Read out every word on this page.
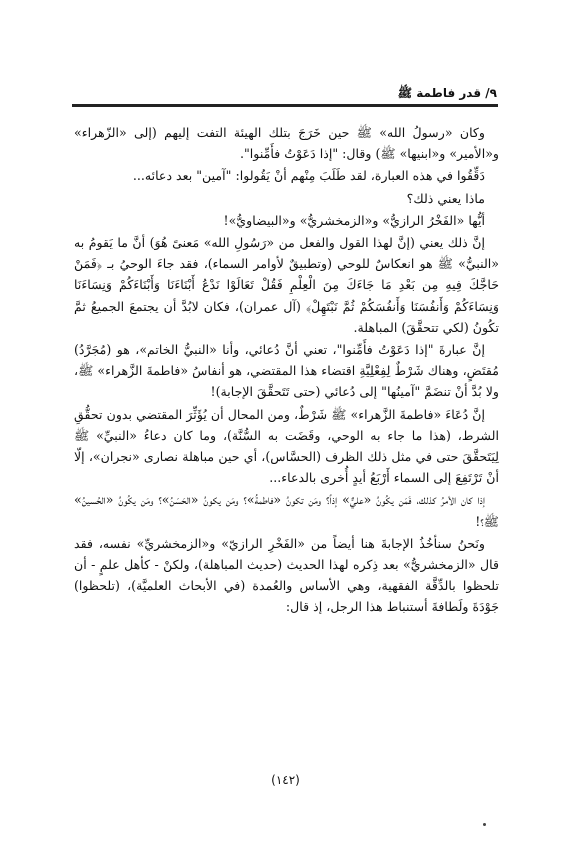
٩/ قدر فاطمة ﷺ

وكان «رسولُ الله» ﷺ حين خَرَجَ بتلك الهيئة التفت إليهم (إلى «الزّهراء» و«الأمير» و«ابنيها» ﷺ) وقال: "إذا دَعَوْتُ فأَمِّنوا".

دَقِّقُوا في هذه العبارة، لقد طَلَبَ مِنْهم أنْ يَقُولوا: "آمين" بعد دعائه...

ماذا يعني ذلك؟

أيُّها «الفَخْرُ الرازيُّ» و«الزمخشريُّ» و«البيضاويُّ»!

إنَّ ذلك يعني (إنَّ لهذا القول والفعل من «رَسُولِ الله» مَعنىً هُوَ) أنَّ ما يَقومُ به «النبيُّ» ﷺ هو انعكاسٌ للوحي (وتطبيقٌ لأوامر السماء)، فقد جاءَ الوحيُ بـ ﴿فَمَنْ حَاجَّكَ فِيهِ مِن بَعْدِ مَا جَاءَكَ مِنَ الْعِلْمِ فَقُلْ تَعَالَوْا نَدْعُ أَبْنَاءَنَا وَأَبْنَاءَكُمْ وَنِسَاءَنَا وَنِسَاءَكُمْ وَأَنفُسَنَا وَأَنفُسَكُمْ ثُمَّ نَبْتَهِلْ﴾ (آل عمران)، فكان لابُدَّ أن يجتمعَ الجميعُ ثمَّ تكُونُ (لكي تتحقَّقَ) المباهلة.

إنَّ عبارةَ "إذا دَعَوْتُ فأَمِّنوا"، تعني أنَّ دُعائي، وأنا «النبيُّ الخاتم»، هو (مُجَرَّدُ) مُقتَضٍ، وهناك شَرْطٌ لِفِعْلِيَّةِ اقتضاء هذا المقتضي، هو أنفاسُ «فاطمةَ الزَّهراء» ﷺ، ولا بُدَّ أنْ تنضَمَّ "آمينُها" إلى دُعائي (حتى تَتَحقَّقَ الإجابة)!

إنَّ دُعَاءَ «فاطمةَ الزَّهراء» ﷺ شَرْطٌ، ومن المحال أن يُؤَثِّرَ المقتضي بدون تحقُّقِ الشرط، (هذا ما جاء به الوحي، وقَضَت به السُّنَّة)، وما كان دعاءُ «النبيِّ» ﷺ لِيَتَحقَّقَ حتى في مثل ذلك الظرف (الحسَّاس)، أي حين مباهلة نصارى «نجران»، إلّا أنْ تَرْتَفِعَ إلى السماء أَرْبَعُ أيدٍ أُخرى بالدعاء...

إذا كان الأمرُ كذلك، فَمَن يكُونُ «عليٌّ» إذاً؟ ومَن تكونُ «فاطمةُ»؟ ومَن يكونُ «الحَسَنُ»؟ ومَن يكُونُ «الحُسينُ» ﷺ؟!

ونَحنُ سنأخُذُ الإجابةَ هنا أيضاً من «الفَخْرِ الرازيّ» و«الزمخشريِّ» نفسه، فقد قال «الزمخشريُّ» بعد ذِكره لهذا الحديث (حديث المباهلة)، ولكنْ - كأهل علمٍ - أن تلحظوا بالدِّقَّة الفقهية، وهي الأساس والعُمدة (في الأبحاث العلميَّة)، (تلحظوا) جَوْدَةَ ولَطافةَ أستنباط هذا الرجل، إذ قال:

(١٤٢)
